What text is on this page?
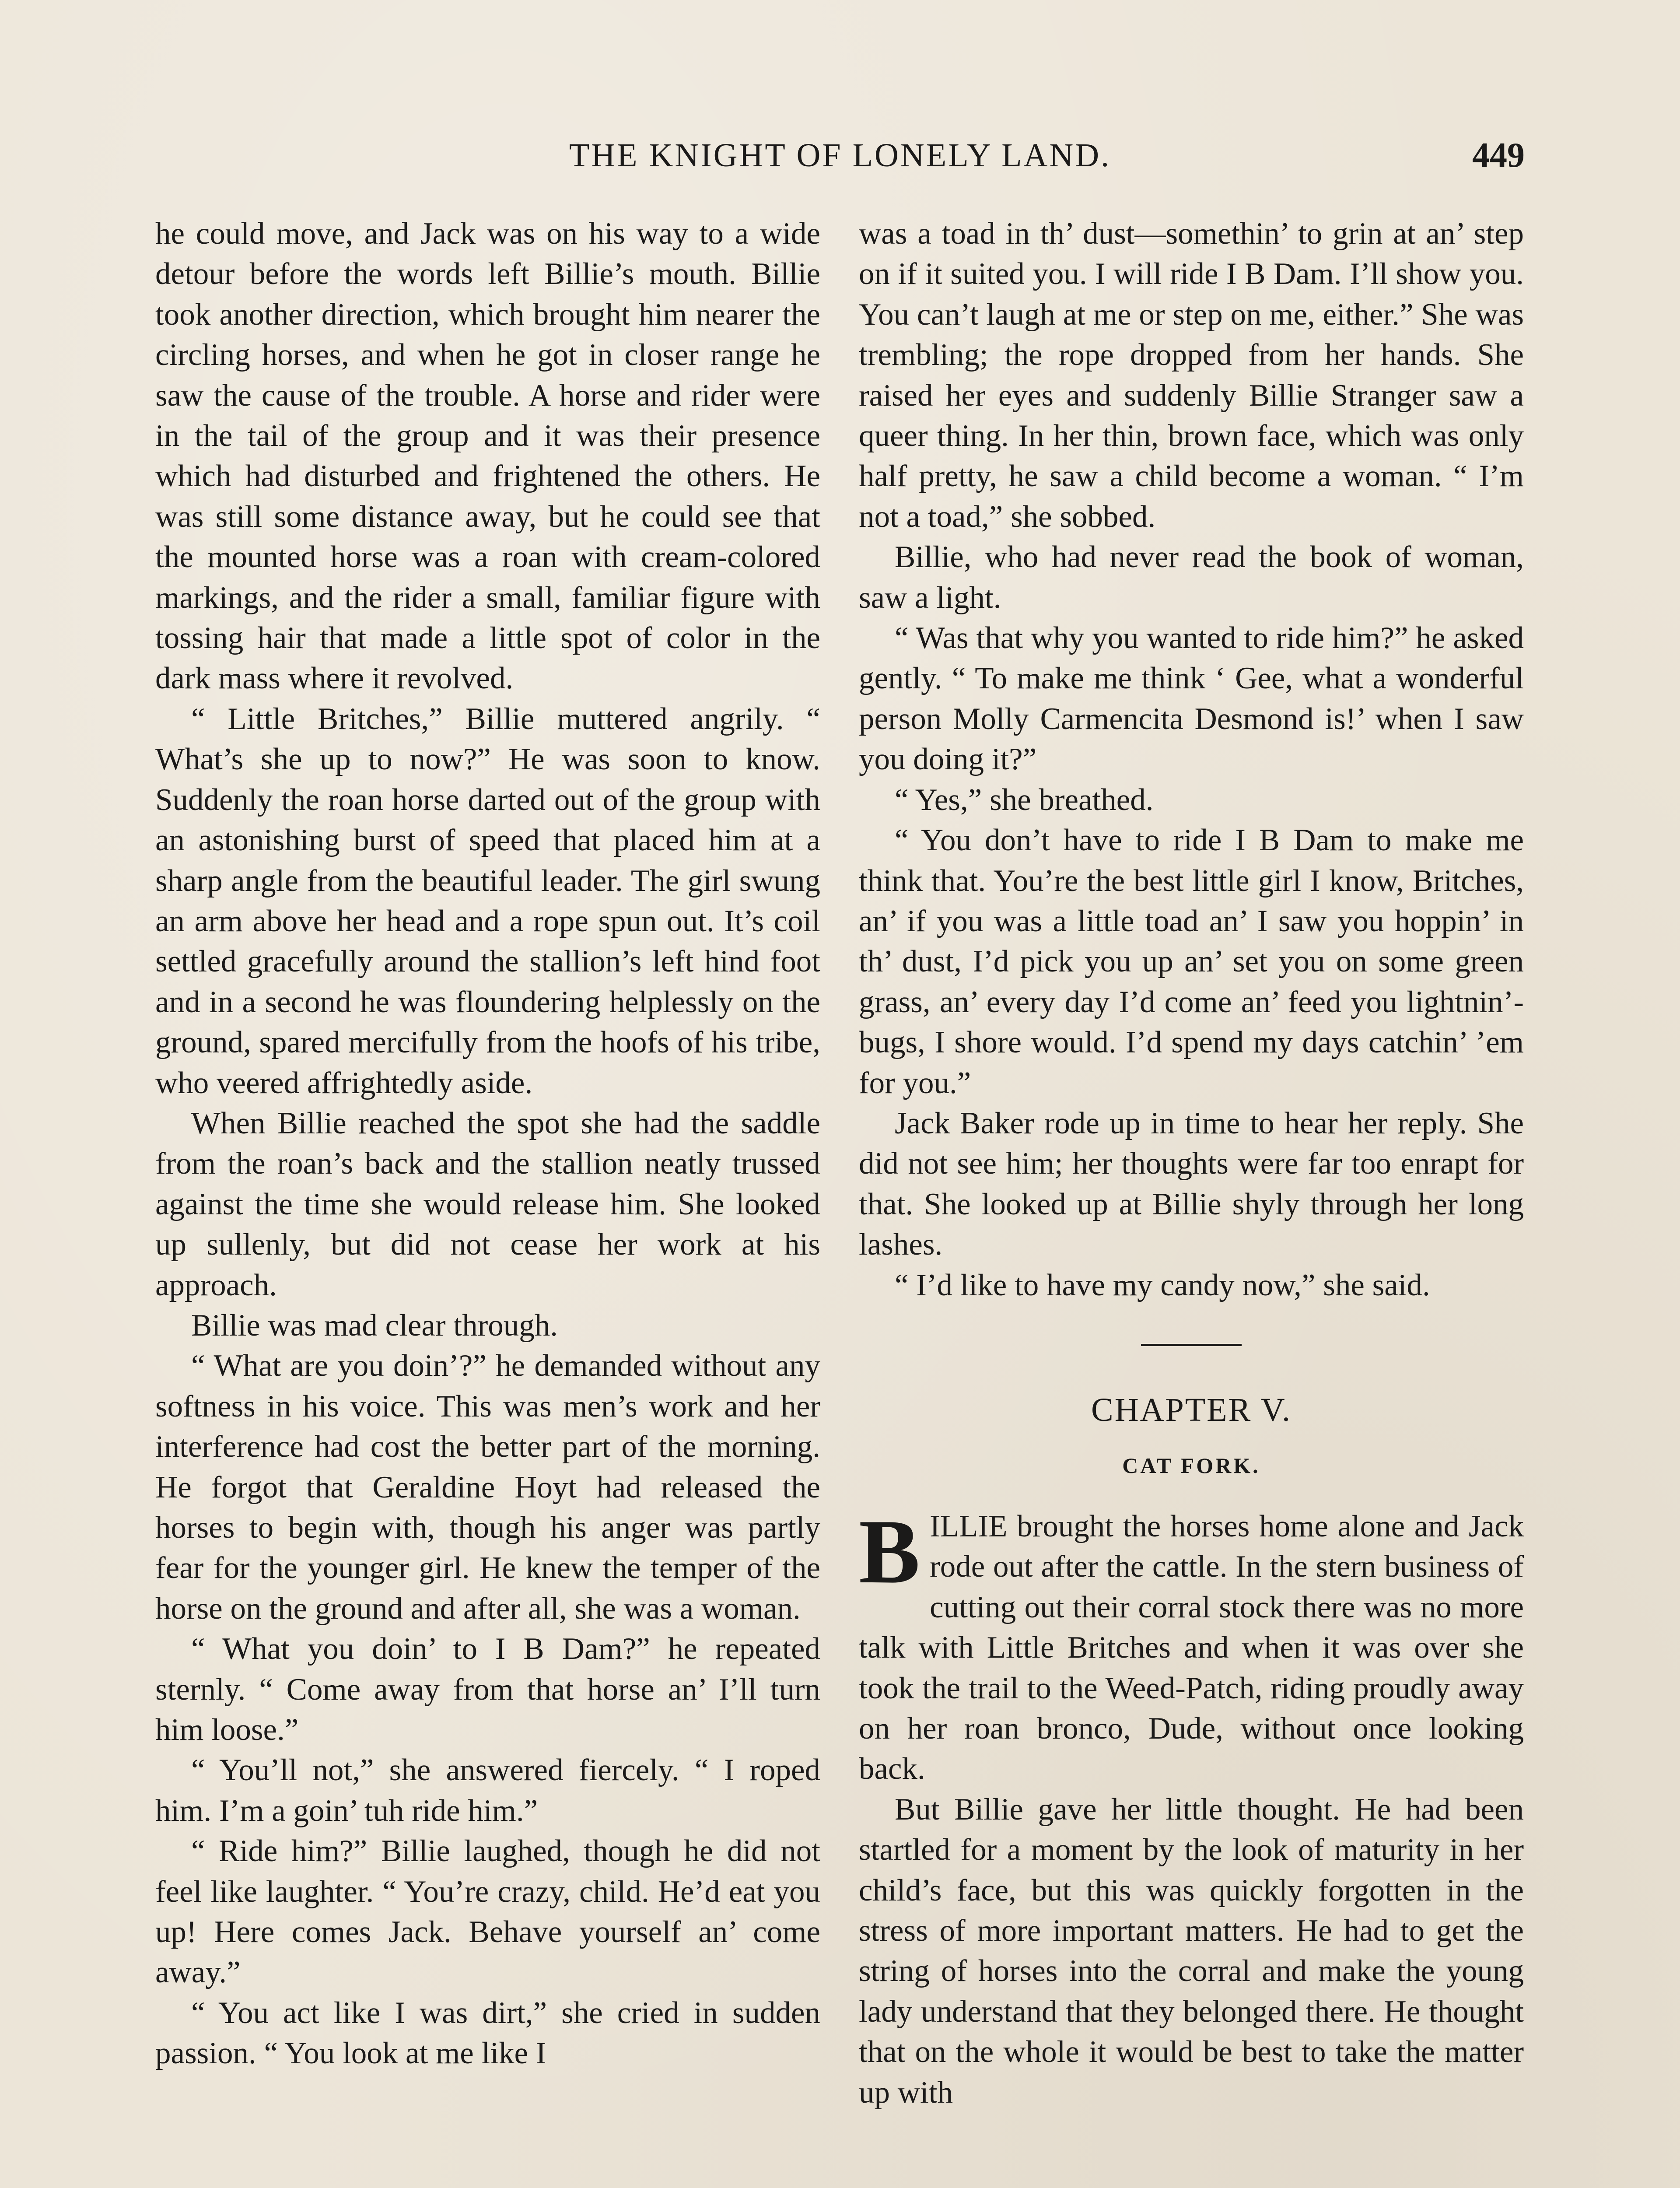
THE KNIGHT OF LONELY LAND.	449

he could move, and Jack was on his way to a wide detour before the words left Billie’s mouth. Billie took another direction, which brought him nearer the circling horses, and when he got in closer range he saw the cause of the trouble. A horse and rider were in the tail of the group and it was their presence which had disturbed and frightened the others. He was still some distance away, but he could see that the mounted horse was a roan with cream-colored markings, and the rider a small, familiar figure with tossing hair that made a little spot of color in the dark mass where it revolved.

“ Little Britches,” Billie muttered angrily. “ What’s she up to now?” He was soon to know. Suddenly the roan horse darted out of the group with an astonishing burst of speed that placed him at a sharp angle from the beautiful leader. The girl swung an arm above her head and a rope spun out. It’s coil settled gracefully around the stallion’s left hind foot and in a second he was floundering helplessly on the ground, spared mercifully from the hoofs of his tribe, who veered affrightedly aside.

When Billie reached the spot she had the saddle from the roan’s back and the stallion neatly trussed against the time she would release him. She looked up sullenly, but did not cease her work at his approach.

Billie was mad clear through.

“ What are you doin’?” he demanded without any softness in his voice. This was men’s work and her interference had cost the better part of the morning. He forgot that Geraldine Hoyt had released the horses to begin with, though his anger was partly fear for the younger girl. He knew the temper of the horse on the ground and after all, she was a woman.

“ What you doin’ to I B Dam?” he repeated sternly. “ Come away from that horse an’ I’ll turn him loose.”

“ You’ll not,” she answered fiercely. “ I roped him. I’m a goin’ tuh ride him.”

“ Ride him?” Billie laughed, though he did not feel like laughter. “ You’re crazy, child. He’d eat you up! Here comes Jack. Behave yourself an’ come away.”

“ You act like I was dirt,” she cried in sudden passion. “ You look at me like I

was a toad in th’ dust—somethin’ to grin at an’ step on if it suited you. I will ride I B Dam. I’ll show you. You can’t laugh at me or step on me, either.” She was trembling; the rope dropped from her hands. She raised her eyes and suddenly Billie Stranger saw a queer thing. In her thin, brown face, which was only half pretty, he saw a child become a woman. “ I’m not a toad,” she sobbed.

Billie, who had never read the book of woman, saw a light.

“ Was that why you wanted to ride him?” he asked gently. “ To make me think ‘ Gee, what a wonderful person Molly Carmencita Desmond is!’ when I saw you doing it?”

“ Yes,” she breathed.

“ You don’t have to ride I B Dam to make me think that. You’re the best little girl I know, Britches, an’ if you was a little toad an’ I saw you hoppin’ in th’ dust, I’d pick you up an’ set you on some green grass, an’ every day I’d come an’ feed you lightnin’-bugs, I shore would. I’d spend my days catchin’ ’em for you.”

Jack Baker rode up in time to hear her reply. She did not see him; her thoughts were far too enrapt for that. She looked up at Billie shyly through her long lashes.

“ I’d like to have my candy now,” she said.

CHAPTER V.
CAT FORK.

BILLIE brought the horses home alone and Jack rode out after the cattle. In the stern business of cutting out their corral stock there was no more talk with Little Britches and when it was over she took the trail to the Weed-Patch, riding proudly away on her roan bronco, Dude, without once looking back.

But Billie gave her little thought. He had been startled for a moment by the look of maturity in her child’s face, but this was quickly forgotten in the stress of more important matters. He had to get the string of horses into the corral and make the young lady understand that they belonged there. He thought that on the whole it would be best to take the matter up with
